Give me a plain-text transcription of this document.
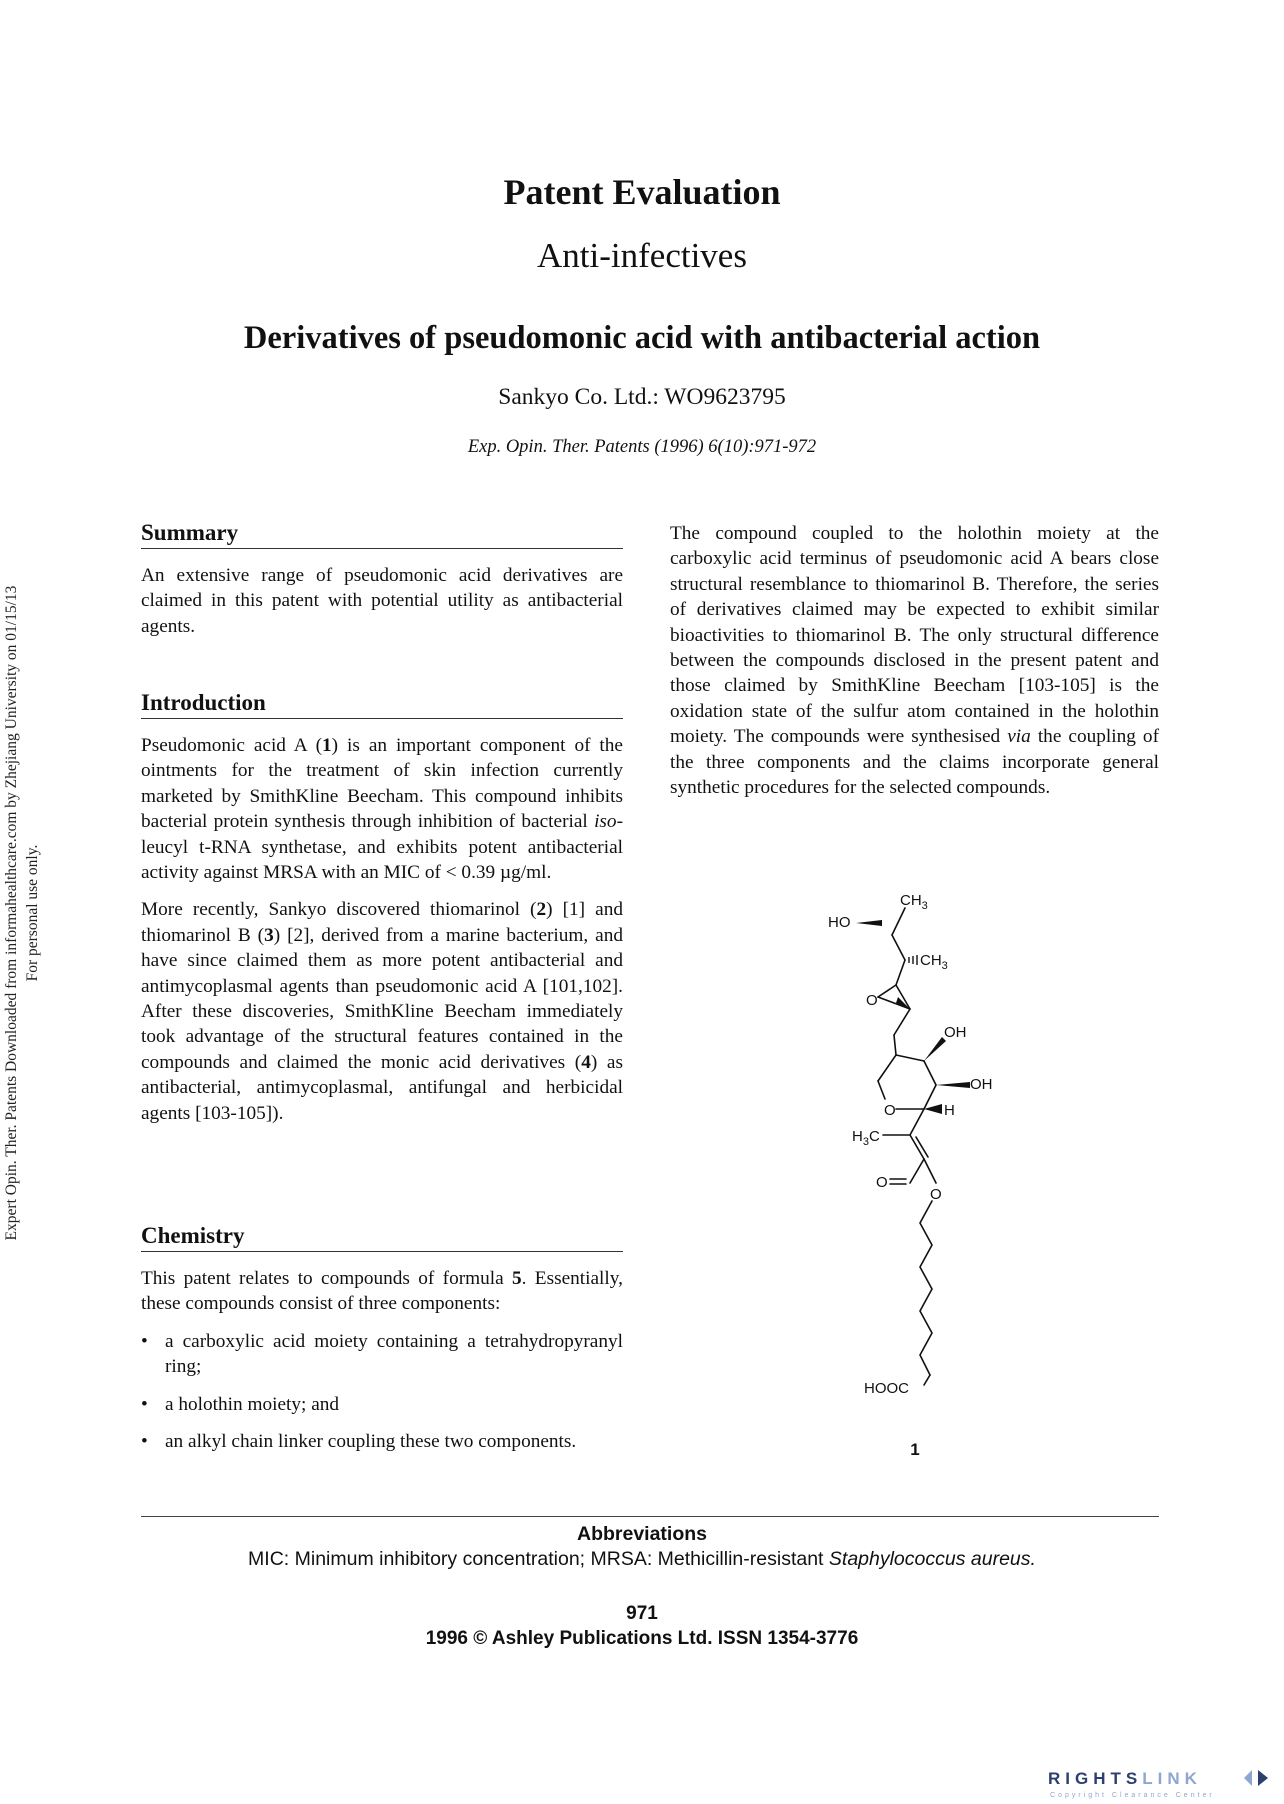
Expert Opin. Ther. Patents Downloaded from informahealthcare.com by Zhejiang University on 01/15/13 For personal use only.
Patent Evaluation
Anti-infectives
Derivatives of pseudomonic acid with antibacterial action
Sankyo Co. Ltd.: WO9623795
Exp. Opin. Ther. Patents (1996) 6(10):971-972
Summary

An extensive range of pseudomonic acid derivatives are claimed in this patent with potential utility as antibacterial agents.

Introduction

Pseudomonic acid A (1) is an important component of the ointments for the treatment of skin infection currently marketed by SmithKline Beecham. This compound inhibits bacterial protein synthesis through inhibition of bacterial iso-leucyl t-RNA synthetase, and exhibits potent antibacterial activity against MRSA with an MIC of < 0.39 µg/ml.

More recently, Sankyo discovered thiomarinol (2) [1] and thiomarinol B (3) [2], derived from a marine bacterium, and have since claimed them as more potent antibacterial and antimycoplasmal agents than pseudomonic acid A [101,102]. After these discoveries, SmithKline Beecham immediately took advantage of the structural features contained in the compounds and claimed the monic acid derivatives (4) as antibacterial, antimycoplasmal, antifungal and herbicidal agents [103-105]).

Chemistry

This patent relates to compounds of formula 5. Essentially, these compounds consist of three components:

• a carboxylic acid moiety containing a tetrahydropyranyl ring;
• a holothin moiety; and
• an alkyl chain linker coupling these two components.

The compound coupled to the holothin moiety at the carboxylic acid terminus of pseudomonic acid A bears close structural resemblance to thiomarinol B. Therefore, the series of derivatives claimed may be expected to exhibit similar bioactivities to thiomarinol B. The only structural difference between the compounds disclosed in the present patent and those claimed by SmithKline Beecham [103-105] is the oxidation state of the sulfur atom contained in the holothin moiety. The compounds were synthesised via the coupling of the three components and the claims incorporate general synthetic procedures for the selected compounds.

$CH_3$
HO
$CH_3$
O
OH
OH
O	H
$H_3C$
O
O
HOOC
1
Abbreviations
MIC: Minimum inhibitory concentration; MRSA: Methicillin-resistant Staphylococcus aureus.
971
1996 © Ashley Publications Ltd. ISSN 1354-3776
RIGHTSLINK
Copyright Clearance Center
